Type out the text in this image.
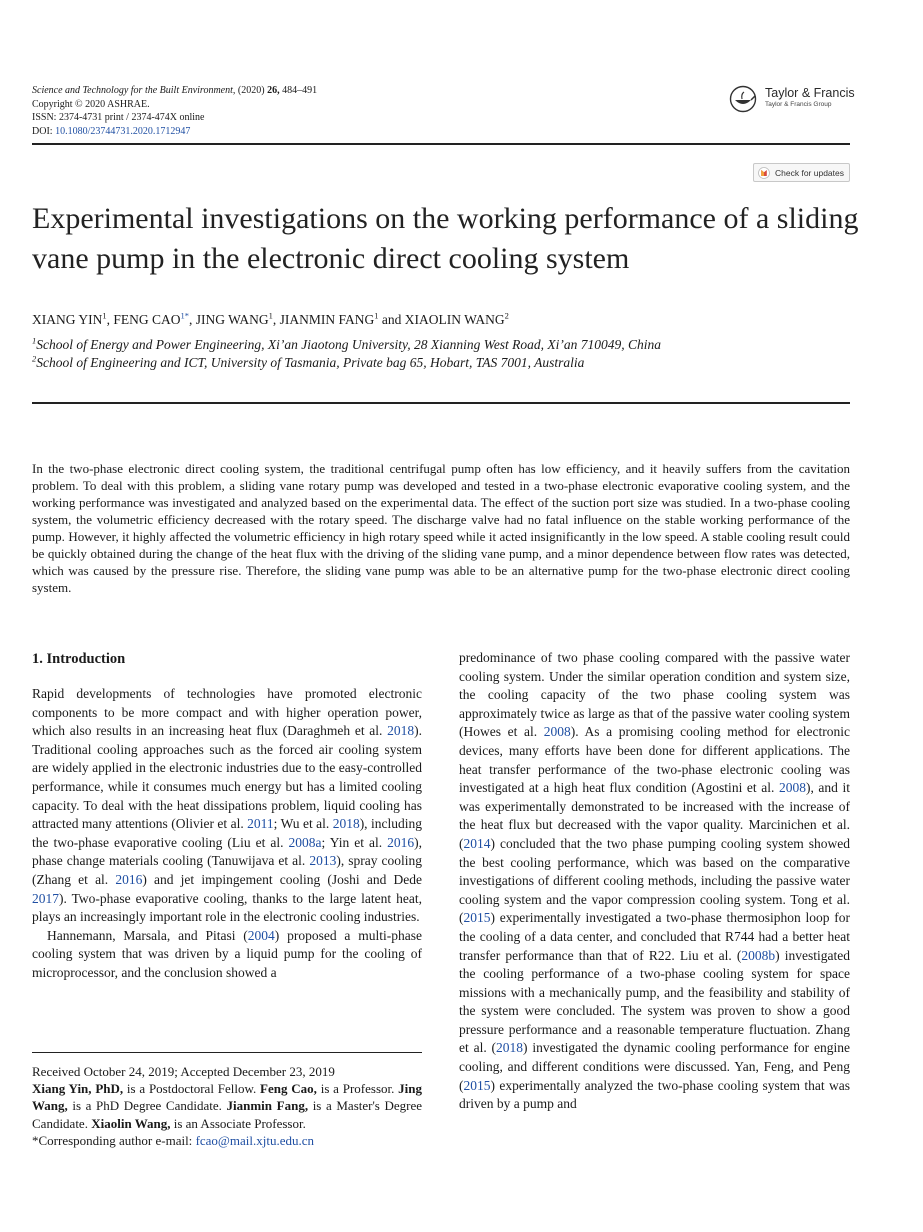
Science and Technology for the Built Environment, (2020) 26, 484–491
Copyright © 2020 ASHRAE.
ISSN: 2374-4731 print / 2374-474X online
DOI: 10.1080/23744731.2020.1712947
Taylor & Francis
Taylor & Francis Group
Check for updates
Experimental investigations on the working performance of a sliding vane pump in the electronic direct cooling system
XIANG YIN$^1$, FENG $CAO^{1*}$, JING WANG$^1$, JIANMIN FANG$^1$ and XIAOLIN WANG$^2$
$^1$School of Energy and Power Engineering, Xi’an Jiaotong University, 28 Xianning West Road, Xi’an 710049, China
$^2$School of Engineering and ICT, University of Tasmania, Private bag 65, Hobart, TAS 7001, Australia

In the two-phase electronic direct cooling system, the traditional centrifugal pump often has low efficiency, and it heavily suffers from the cavitation problem. To deal with this problem, a sliding vane rotary pump was developed and tested in a two-phase electronic evaporative cooling system, and the working performance was investigated and analyzed based on the experimental data. The effect of the suction port size was studied. In a two-phase cooling system, the volumetric efficiency decreased with the rotary speed. The discharge valve had no fatal influence on the stable working performance of the pump. However, it highly affected the volumetric efficiency in high rotary speed while it acted insignificantly in the low speed. A stable cooling result could be quickly obtained during the change of the heat flux with the driving of the sliding vane pump, and a minor dependence between flow rates was detected, which was caused by the pressure rise. Therefore, the sliding vane pump was able to be an alternative pump for the two-phase electronic direct cooling system.

1. Introduction

Rapid developments of technologies have promoted electronic components to be more compact and with higher operation power, which also results in an increasing heat flux (Daraghmeh et al. 2018). Traditional cooling approaches such as the forced air cooling system are widely applied in the electronic industries due to the easy-controlled performance, while it consumes much energy but has a limited cooling capacity. To deal with the heat dissipations problem, liquid cooling has attracted many attentions (Olivier et al. 2011; Wu et al. 2018), including the two-phase evaporative cooling (Liu et al. 2008a; Yin et al. 2016), phase change materials cooling (Tanuwijava et al. 2013), spray cooling (Zhang et al. 2016) and jet impingement cooling (Joshi and Dede 2017). Two-phase evaporative cooling, thanks to the large latent heat, plays an increasingly important role in the electronic cooling industries.

Hannemann, Marsala, and Pitasi (2004) proposed a multi-phase cooling system that was driven by a liquid pump for the cooling of microprocessor, and the conclusion showed a

predominance of two phase cooling compared with the passive water cooling system. Under the similar operation condition and system size, the cooling capacity of the two phase cooling system was approximately twice as large as that of the passive water cooling system (Howes et al. 2008). As a promising cooling method for electronic devices, many efforts have been done for different applications. The heat transfer performance of the two-phase electronic cooling was investigated at a high heat flux condition (Agostini et al. 2008), and it was experimentally demonstrated to be increased with the increase of the heat flux but decreased with the vapor quality. Marcinichen et al. (2014) concluded that the two phase pumping cooling system showed the best cooling performance, which was based on the comparative investigations of different cooling methods, including the passive water cooling system and the vapor compression cooling system. Tong et al. (2015) experimentally investigated a two-phase thermosiphon loop for the cooling of a data center, and concluded that R744 had a better heat transfer performance than that of R22. Liu et al. (2008b) investigated the cooling performance of a two-phase cooling system for space missions with a mechanically pump, and the feasibility and stability of the system were concluded. The system was proven to show a good pressure performance and a reasonable temperature fluctuation. Zhang et al. (2018) investigated the dynamic cooling performance for engine cooling, and different conditions were discussed. Yan, Feng, and Peng (2015) experimentally analyzed the two-phase cooling system that was driven by a pump and

Received October 24, 2019; Accepted December 23, 2019
Xiang Yin, PhD, is a Postdoctoral Fellow. Feng Cao, is a Professor. Jing Wang, is a PhD Degree Candidate. Jianmin Fang, is a Master's Degree Candidate. Xiaolin Wang, is an Associate Professor.
*Corresponding author e-mail: fcao@mail.xjtu.edu.cn
